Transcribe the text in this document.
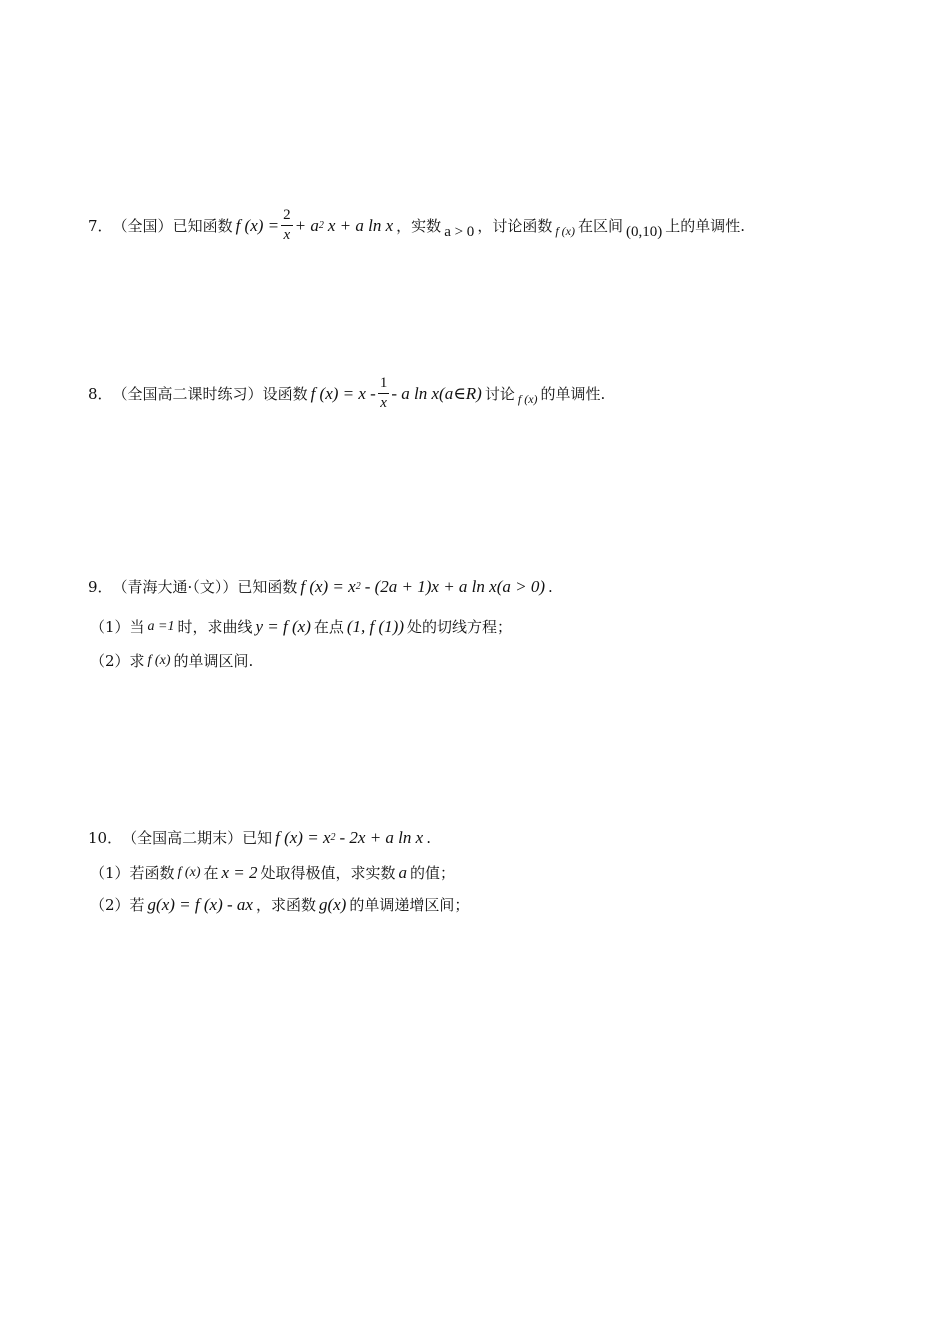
7． （全国） 已知函数 f $(x) = \frac{2}{x} + a$ 2 x + a ln x ，实数 a > 0 ，讨论函数 f (x) 在区间 (0,10) 上的单调性.
8． （全国高二课时练习） 设函数 f $(x) = x - \frac{1}{x} - a$ ln x(a∈R) 讨论 f (x) 的单调性.
9． （青海大通·（文）） 已知函数 f (x) = x 2 - (2a + 1)x + a ln x(a > 0) .
（1）当 a =1 时，求曲线 y = f (x) 在点 (1, f (1)) 处的切线方程；
（2）求 f (x) 的单调区间.
10． （全国高二期末） 已知 f (x) = x 2 - 2x + a ln x .
（1）若函数 f (x) 在 x = 2 处取得极值，求实数 a 的值；
（2）若 g(x) = f (x) - ax ，求函数 g(x) 的单调递增区间；
